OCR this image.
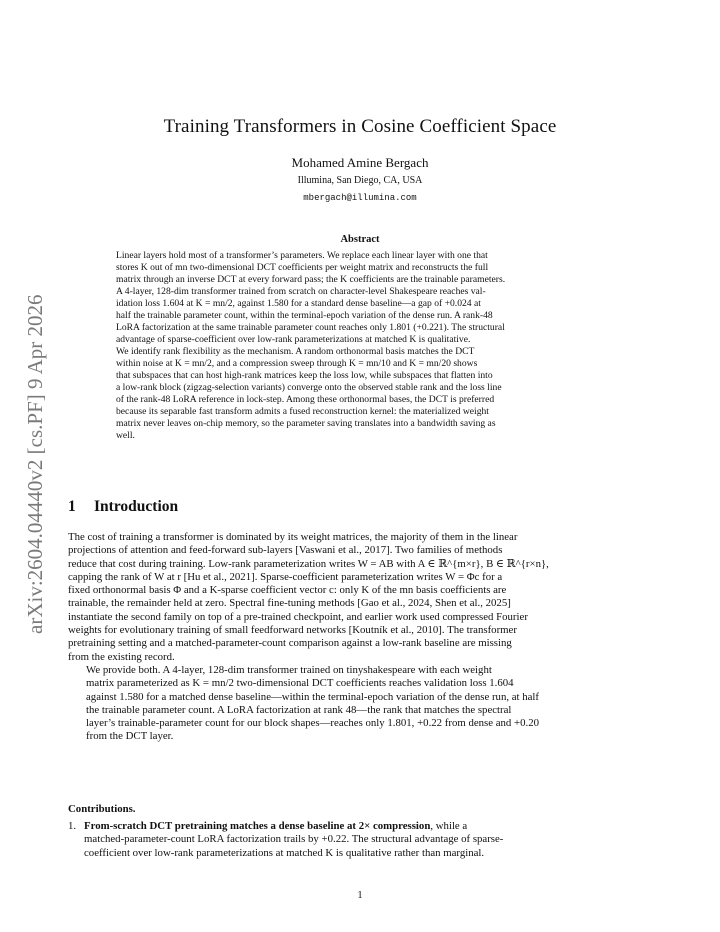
arXiv:2604.04440v2 [cs.PF] 9 Apr 2026
Training Transformers in Cosine Coefficient Space
Mohamed Amine Bergach
Illumina, San Diego, CA, USA
mbergach@illumina.com
Abstract

Linear layers hold most of a transformer’s parameters. We replace each linear layer with one that
stores K out of mn two-dimensional DCT coefficients per weight matrix and reconstructs the full
matrix through an inverse DCT at every forward pass; the K coefficients are the trainable parameters.

A 4-layer, 128-dim transformer trained from scratch on character-level Shakespeare reaches val-
idation loss 1.604 at K = mn/2, against 1.580 for a standard dense baseline—a gap of +0.024 at
half the trainable parameter count, within the terminal-epoch variation of the dense run. A rank-48
LoRA factorization at the same trainable parameter count reaches only 1.801 (+0.221). The structural
advantage of sparse-coefficient over low-rank parameterizations at matched K is qualitative.

We identify rank flexibility as the mechanism. A random orthonormal basis matches the DCT
within noise at K = mn/2, and a compression sweep through K = mn/10 and K = mn/20 shows
that subspaces that can host high-rank matrices keep the loss low, while subspaces that flatten into
a low-rank block (zigzag-selection variants) converge onto the observed stable rank and the loss line
of the rank-48 LoRA reference in lock-step. Among these orthonormal bases, the DCT is preferred
because its separable fast transform admits a fused reconstruction kernel: the materialized weight
matrix never leaves on-chip memory, so the parameter saving translates into a bandwidth saving as
well.

1 Introduction

The cost of training a transformer is dominated by its weight matrices, the majority of them in the linear
projections of attention and feed-forward sub-layers [Vaswani et al., 2017]. Two families of methods
reduce that cost during training. Low-rank parameterization writes W = AB with A ∈ ℝ^{m×r}, B ∈ ℝ^{r×n},
capping the rank of W at r [Hu et al., 2021]. Sparse-coefficient parameterization writes W = Φc for a
fixed orthonormal basis Φ and a K-sparse coefficient vector c: only K of the mn basis coefficients are
trainable, the remainder held at zero. Spectral fine-tuning methods [Gao et al., 2024, Shen et al., 2025]
instantiate the second family on top of a pre-trained checkpoint, and earlier work used compressed Fourier
weights for evolutionary training of small feedforward networks [Koutník et al., 2010]. The transformer
pretraining setting and a matched-parameter-count comparison against a low-rank baseline are missing
from the existing record.

We provide both. A 4-layer, 128-dim transformer trained on tinyshakespeare with each weight
matrix parameterized as K = mn/2 two-dimensional DCT coefficients reaches validation loss 1.604
against 1.580 for a matched dense baseline—within the terminal-epoch variation of the dense run, at half
the trainable parameter count. A LoRA factorization at rank 48—the rank that matches the spectral
layer’s trainable-parameter count for our block shapes—reaches only 1.801, +0.22 from dense and +0.20
from the DCT layer.

Contributions.
1. From-scratch DCT pretraining matches a dense baseline at 2× compression, while a
matched-parameter-count LoRA factorization trails by +0.22. The structural advantage of sparse-
coefficient over low-rank parameterizations at matched K is qualitative rather than marginal.
1
